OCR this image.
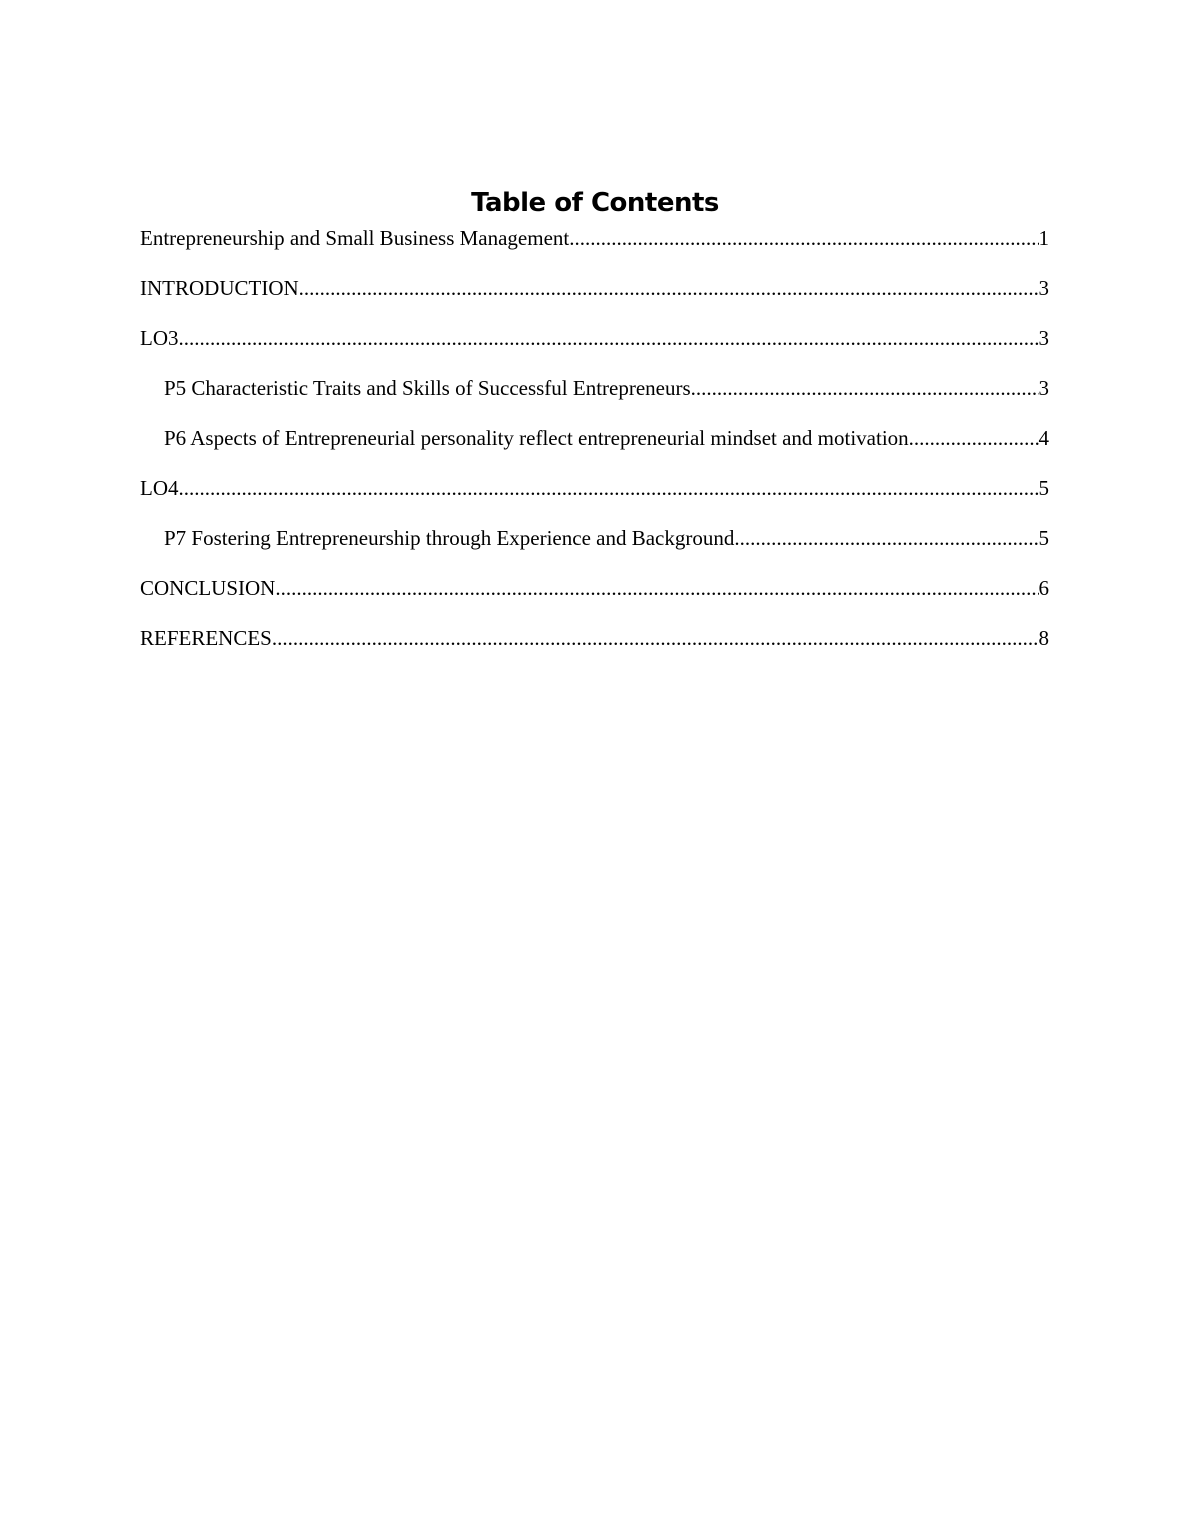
Table of Contents
Entrepreneurship and Small Business Management .....	1
INTRODUCTION .....	3
LO3 .....	3
P5 Characteristic Traits and Skills of Successful Entrepreneurs .....	3
P6 Aspects of Entrepreneurial personality reflect entrepreneurial mindset and motivation .....	4
LO4 .....	5
P7 Fostering Entrepreneurship through Experience and Background .....	5
CONCLUSION .....	6
REFERENCES .....	8
